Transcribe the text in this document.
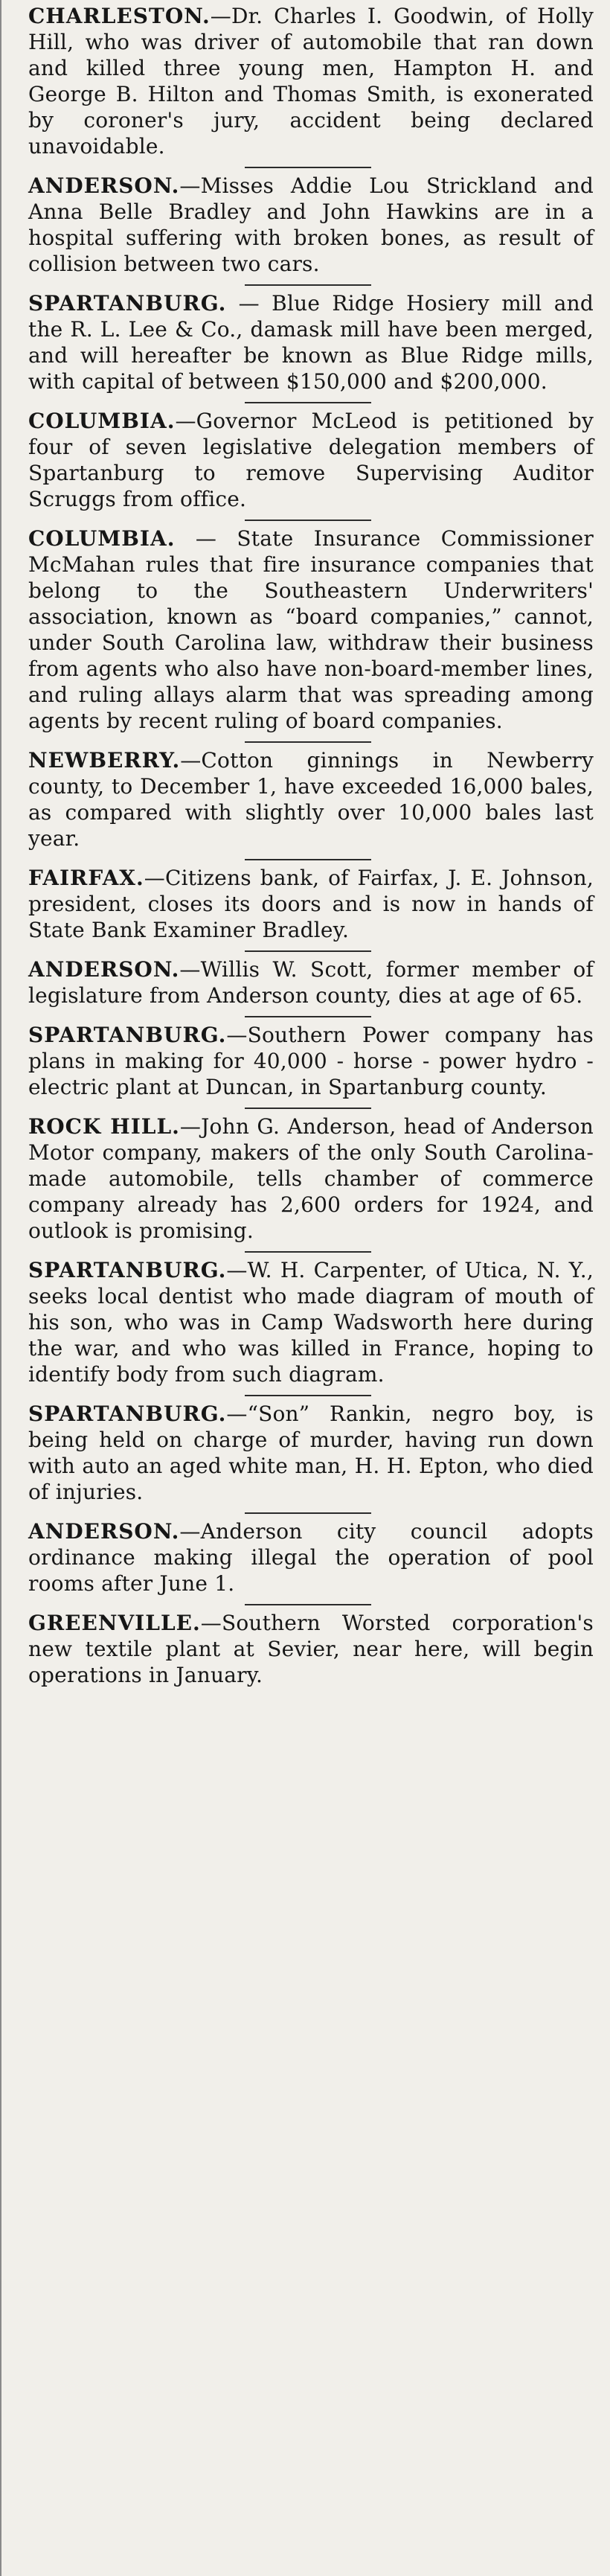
CHARLESTON.—Dr. Charles I. Goodwin, of Holly Hill, who was driver of automobile that ran down and killed three young men, Hampton H. and George B. Hilton and Thomas Smith, is exonerated by coroner's jury, accident being declared unavoidable.
ANDERSON.—Misses Addie Lou Strickland and Anna Belle Bradley and John Hawkins are in a hospital suffering with broken bones, as result of collision between two cars.
SPARTANBURG. — Blue Ridge Hosiery mill and the R. L. Lee & Co., damask mill have been merged, and will hereafter be known as Blue Ridge mills, with capital of between $150,000 and $200,000.
COLUMBIA.—Governor McLeod is petitioned by four of seven legislative delegation members of Spartanburg to remove Supervising Auditor Scruggs from office.
COLUMBIA. — State Insurance Commissioner McMahan rules that fire insurance companies that belong to the Southeastern Underwriters' association, known as “board companies,” cannot, under South Carolina law, withdraw their business from agents who also have non-board-member lines, and ruling allays alarm that was spreading among agents by recent ruling of board companies.
NEWBERRY.—Cotton ginnings in Newberry county, to December 1, have exceeded 16,000 bales, as compared with slightly over 10,000 bales last year.
FAIRFAX.—Citizens bank, of Fairfax, J. E. Johnson, president, closes its doors and is now in hands of State Bank Examiner Bradley.
ANDERSON.—Willis W. Scott, former member of legislature from Anderson county, dies at age of 65.
SPARTANBURG.—Southern Power company has plans in making for 40,000 - horse - power hydro - electric plant at Duncan, in Spartanburg county.
ROCK HILL.—John G. Anderson, head of Anderson Motor company, makers of the only South Carolina-made automobile, tells chamber of commerce company already has 2,600 orders for 1924, and outlook is promising.
SPARTANBURG.—W. H. Carpenter, of Utica, N. Y., seeks local dentist who made diagram of mouth of his son, who was in Camp Wadsworth here during the war, and who was killed in France, hoping to identify body from such diagram.
SPARTANBURG.—“Son” Rankin, negro boy, is being held on charge of murder, having run down with auto an aged white man, H. H. Epton, who died of injuries.
ANDERSON.—Anderson city council adopts ordinance making illegal the operation of pool rooms after June 1.
GREENVILLE.—Southern Worsted corporation's new textile plant at Sevier, near here, will begin operations in January.
